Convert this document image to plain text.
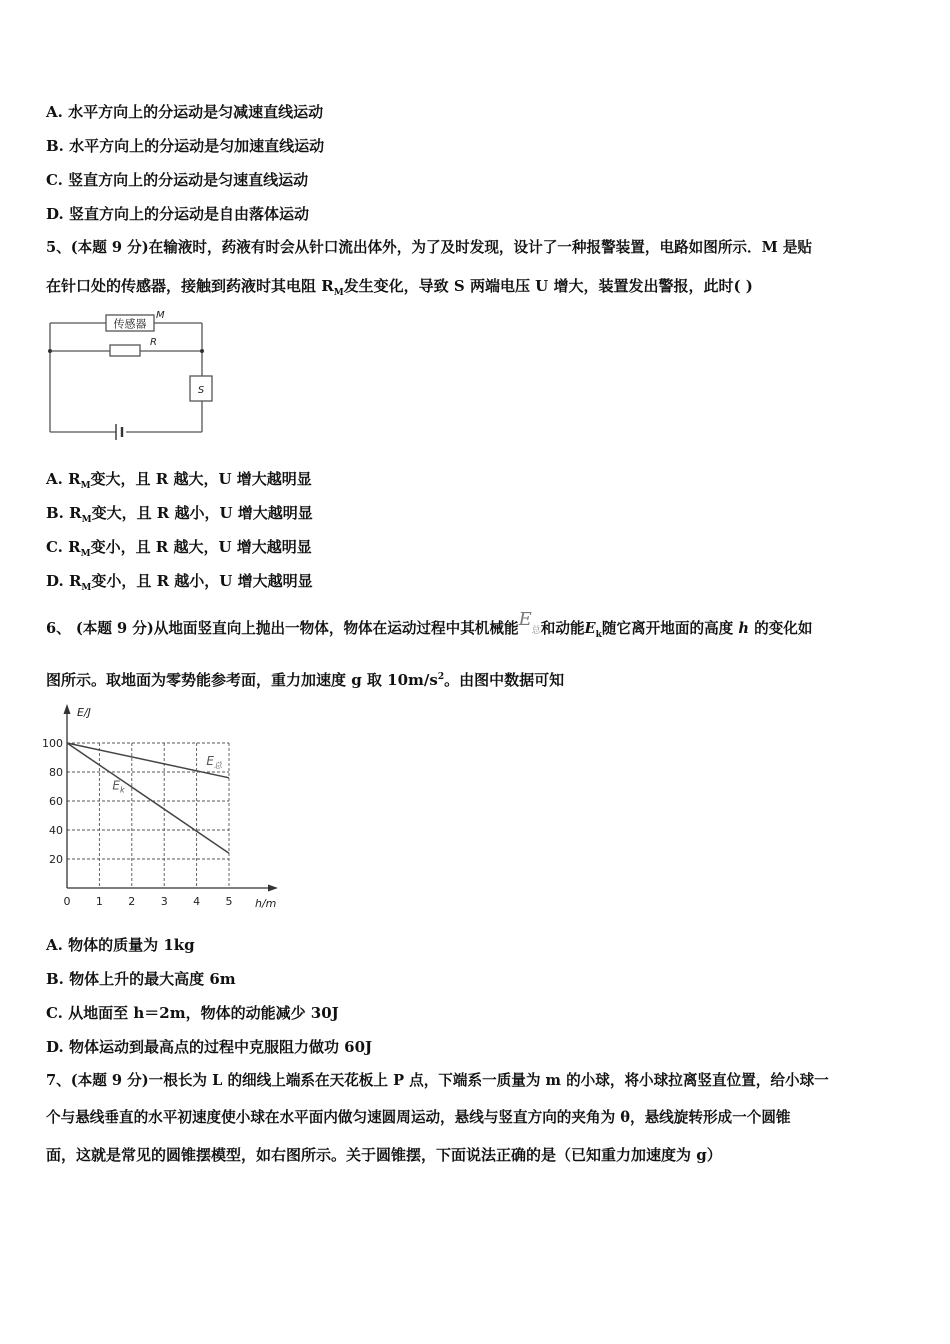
A. 水平方向上的分运动是匀减速直线运动
B. 水平方向上的分运动是匀加速直线运动
C. 竖直方向上的分运动是匀速直线运动
D. 竖直方向上的分运动是自由落体运动
5、(本题 9 分)在输液时，药液有时会从针口流出体外，为了及时发现，设计了一种报警装置，电路如图所示．M 是贴
在针口处的传感器，接触到药液时其电阻 $R_M$发生变化，导致 S 两端电压 U 增大，装置发出警报，此时( )
传感器
M
R
S
A. $R_M$变大，且 R 越大，U 增大越明显
B. $R_M$变大，且 R 越小，U 增大越明显
C. $R_M$变小，且 R 越大，U 增大越明显
D. $R_M$变小，且 R 越小，U 增大越明显
6、 (本题 9 分)从地面竖直向上抛出一物体，物体在运动过程中其机械能$E_总$和动能$E_k$随它离开地面的高度 h 的变化如
图所示。取地面为零势能参考面，重力加速度 g 取 $10m/s^2$。由图中数据可知
0 1 2 3 4 5
20
40
60
80
100
E/J
h/m
$E_总$
$E_k$
A. 物体的质量为 1kg
B. 物体上升的最大高度 6m
C. 从地面至 h＝2m，物体的动能减少 30J
D. 物体运动到最高点的过程中克服阻力做功 60J
7、(本题 9 分)一根长为 L 的细线上端系在天花板上 P 点，下端系一质量为 m 的小球，将小球拉离竖直位置，给小球一
个与悬线垂直的水平初速度使小球在水平面内做匀速圆周运动，悬线与竖直方向的夹角为 θ，悬线旋转形成一个圆锥
面，这就是常见的圆锥摆模型，如右图所示。关于圆锥摆，下面说法正确的是（已知重力加速度为 g）
